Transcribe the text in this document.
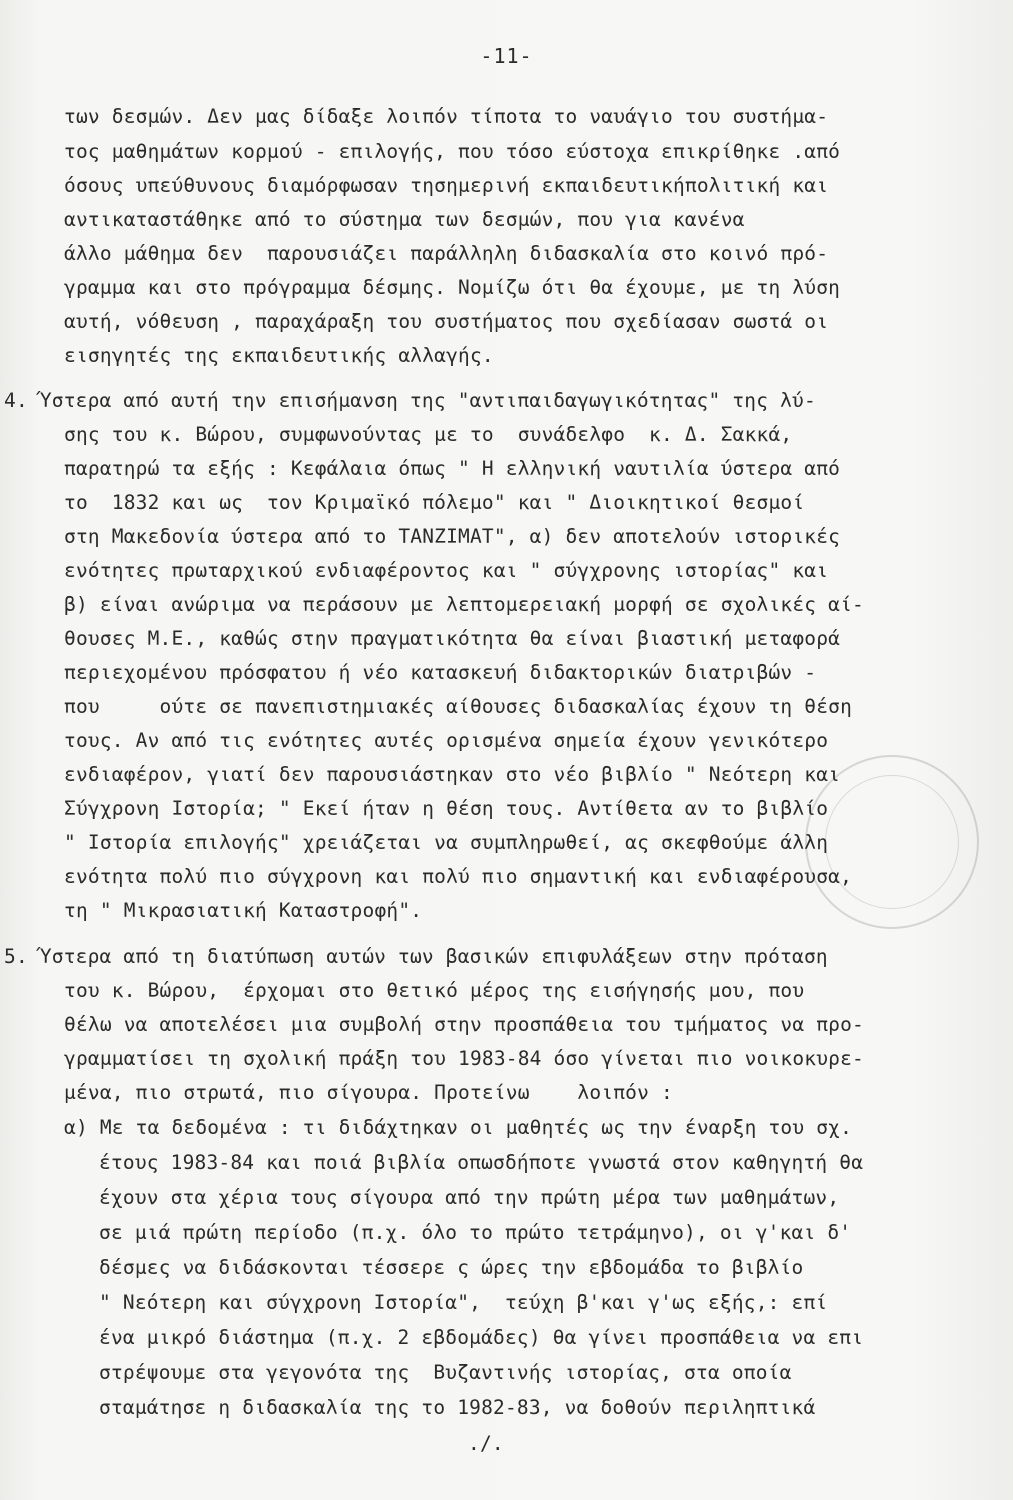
-11-
των δεσμών. Δεν μας δίδαξε λοιπόν τίποτα το ναυάγιο του συστήμα-
τος μαθημάτων κορμού - επιλογής, που τόσο εύστοχα επικρίθηκε .από
όσους υπεύθυνους διαμόρφωσαν τησημερινή εκπαιδευτικήπολιτική και
αντικαταστάθηκε από το σύστημα των δεσμών, που για κανένα
άλλο μάθημα δεν  παρουσιάζει παράλληλη διδασκαλία στο κοινό πρό-
γραμμα και στο πρόγραμμα δέσμης. Νομίζω ότι θα έχουμε, με τη λύση
αυτή, νόθευση , παραχάραξη του συστήματος που σχεδίασαν σωστά οι
εισηγητές της εκπαιδευτικής αλλαγής.
4. Ύστερα από αυτή την επισήμανση της "αντιπαιδαγωγικότητας" της λύ-
σης του κ. Βώρου, συμφωνούντας με το  συνάδελφο  κ. Δ. Σακκά,
παρατηρώ τα εξής : Κεφάλαια όπως " Η ελληνική ναυτιλία ύστερα από
το  1832 και ως  τον Κριμαϊκό πόλεμο" και " Διοικητικοί θεσμοί
στη Μακεδονία ύστερα από το ΤΑΝΖΙΜΑΤ", α) δεν αποτελούν ιστορικές
ενότητες πρωταρχικού ενδιαφέροντος και " σύγχρονης ιστορίας" και
β) είναι ανώριμα να περάσουν με λεπτομερειακή μορφή σε σχολικές αί-
θουσες Μ.Ε., καθώς στην πραγματικότητα θα είναι βιαστική μεταφορά
περιεχομένου πρόσφατου ή νέο κατασκευή διδακτορικών διατριβών -
που     ούτε σε πανεπιστημιακές αίθουσες διδασκαλίας έχουν τη θέση
τους. Αν από τις ενότητες αυτές ορισμένα σημεία έχουν γενικότερο
ενδιαφέρον, γιατί δεν παρουσιάστηκαν στο νέο βιβλίο " Νεότερη και
Σύγχρονη Ιστορία; " Εκεί ήταν η θέση τους. Αντίθετα αν το βιβλίο
" Ιστορία επιλογής" χρειάζεται να συμπληρωθεί, ας σκεφθούμε άλλη
ενότητα πολύ πιο σύγχρονη και πολύ πιο σημαντική και ενδιαφέρουσα,
τη " Μικρασιατική Καταστροφή".
5. Ύστερα από τη διατύπωση αυτών των βασικών επιφυλάξεων στην πρόταση
του κ. Βώρου,  έρχομαι στο θετικό μέρος της εισήγησής μου, που
θέλω να αποτελέσει μια συμβολή στην προσπάθεια του τμήματος να προ-
γραμματίσει τη σχολική πράξη του 1983-84 όσο γίνεται πιο νοικοκυρε-
μένα, πιο στρωτά, πιο σίγουρα. Προτείνω    λοιπόν :
α) Με τα δεδομένα : τι διδάχτηκαν οι μαθητές ως την έναρξη του σχ.
έτους 1983-84 και ποιά βιβλία οπωσδήποτε γνωστά στον καθηγητή θα
έχουν στα χέρια τους σίγουρα από την πρώτη μέρα των μαθημάτων,
σε μιά πρώτη περίοδο (π.χ. όλο το πρώτο τετράμηνο), οι γ'και δ'
δέσμες να διδάσκονται τέσσερε ς ώρες την εβδομάδα το βιβλίο
" Νεότερη και σύγχρονη Ιστορία",  τεύχη β'και γ'ως εξής,: επί
ένα μικρό διάστημα (π.χ. 2 εβδομάδες) θα γίνει προσπάθεια να επι
στρέψουμε στα γεγονότα της  Βυζαντινής ιστορίας, στα οποία
σταμάτησε η διδασκαλία της το 1982-83, να δοθούν περιληπτικά
./.
